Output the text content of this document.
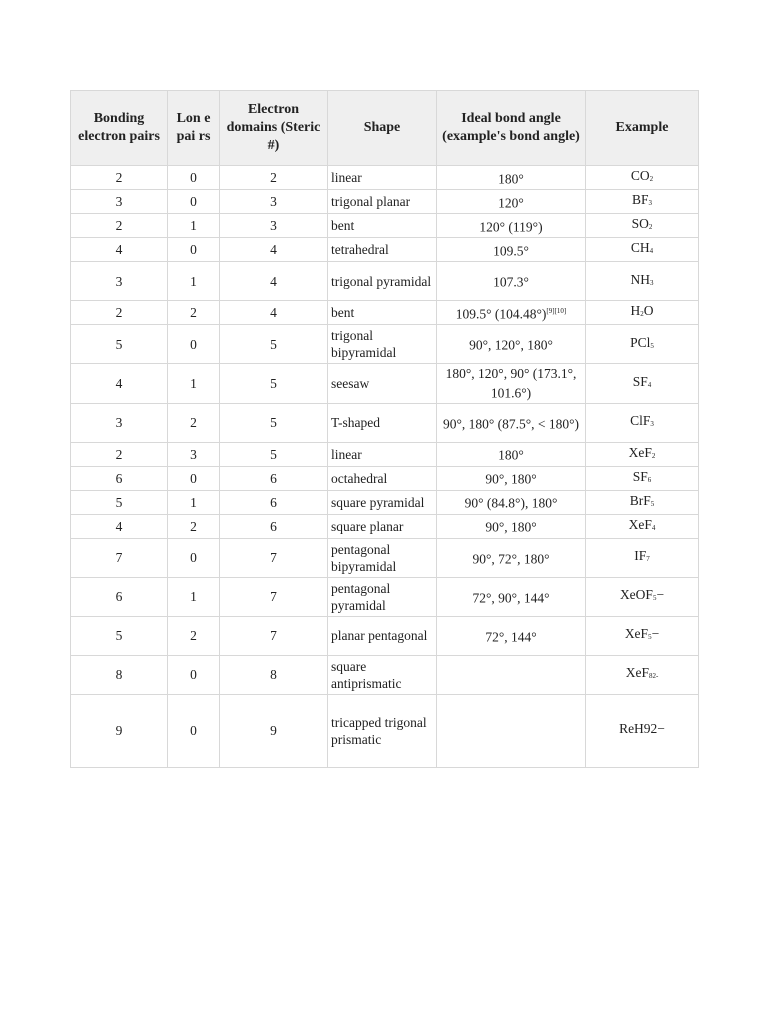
Bonding electron pairs	Lon e pai rs	Electron domains (Steric #)	Shape	Ideal bond angle (example's bond angle)	Example
2	0	2	linear	180°	CO2
3	0	3	trigonal planar	120°	BF3
2	1	3	bent	120° (119°)	SO2
4	0	4	tetrahedral	109.5°	CH4
3	1	4	trigonal pyramidal	107.3°	NH3
2	2	4	bent	109.5° (104.48°)[9][10]	H2O
5	0	5	trigonal bipyramidal	90°, 120°, 180°	PCl5
4	1	5	seesaw	180°, 120°, 90° (173.1°, 101.6°)	SF4
3	2	5	T-shaped	90°, 180° (87.5°, < 180°)	ClF3
2	3	5	linear	180°	XeF2
6	0	6	octahedral	90°, 180°	SF6
5	1	6	square pyramidal	90° (84.8°), 180°	BrF5
4	2	6	square planar	90°, 180°	XeF4
7	0	7	pentagonal bipyramidal	90°, 72°, 180°	IF7
6	1	7	pentagonal pyramidal	72°, 90°, 144°	XeOF5−
5	2	7	planar pentagonal	72°, 144°	XeF5−
8	0	8	square antiprismatic		XeF82-
9	0	9	tricapped trigonal prismatic		ReH92−
